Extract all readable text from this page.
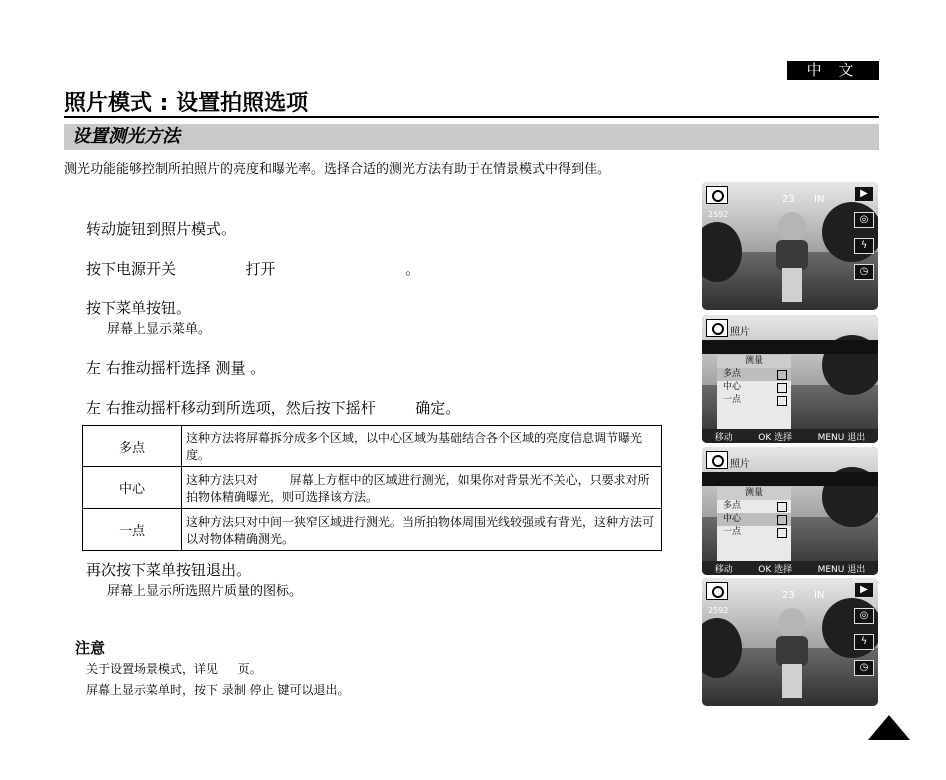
中 文
照片模式 : 设置拍照选项
设置测光方法
测光功能能够控制所拍照片的亮度和曝光率。选择合适的测光方法有助于在情景模式中得到佳。
转动旋钮到照片模式。
按下电源开关 　　　　 打开 　　　　　　　　 。
按下菜单按钮。
屏幕上显示菜单。
左 右推动摇杆选择 测量 。
左 右推动摇杆移动到所选项，然后按下摇杆 　　 确定。
多点	这种方法将屏幕拆分成多个区域，以中心区域为基础结合各个区域的亮度信息调节曝光度。
中心	这种方法只对 　　 屏幕上方框中的区域进行测光，如果你对背景光不关心，只要求对所拍物体精确曝光，则可选择该方法。
一点	这种方法只对中间一狭窄区域进行测光。当所拍物体周围光线较强或有背光，这种方法可以对物体精确测光。
再次按下菜单按钮退出。
屏幕上显示所选照片质量的图标。
注意
关于设置场景模式，详见 　 页。
屏幕上显示菜单时，按下 录制 停止 键可以退出。
23 IN
2592
▶
◎
ϟ
◷
照片
测量
多点
中心
一点
移动	OK 选择	MENU 退出
照片
测量
多点
中心
一点
移动	OK 选择	MENU 退出
23 IN
2592
▶
◎
ϟ
◷
